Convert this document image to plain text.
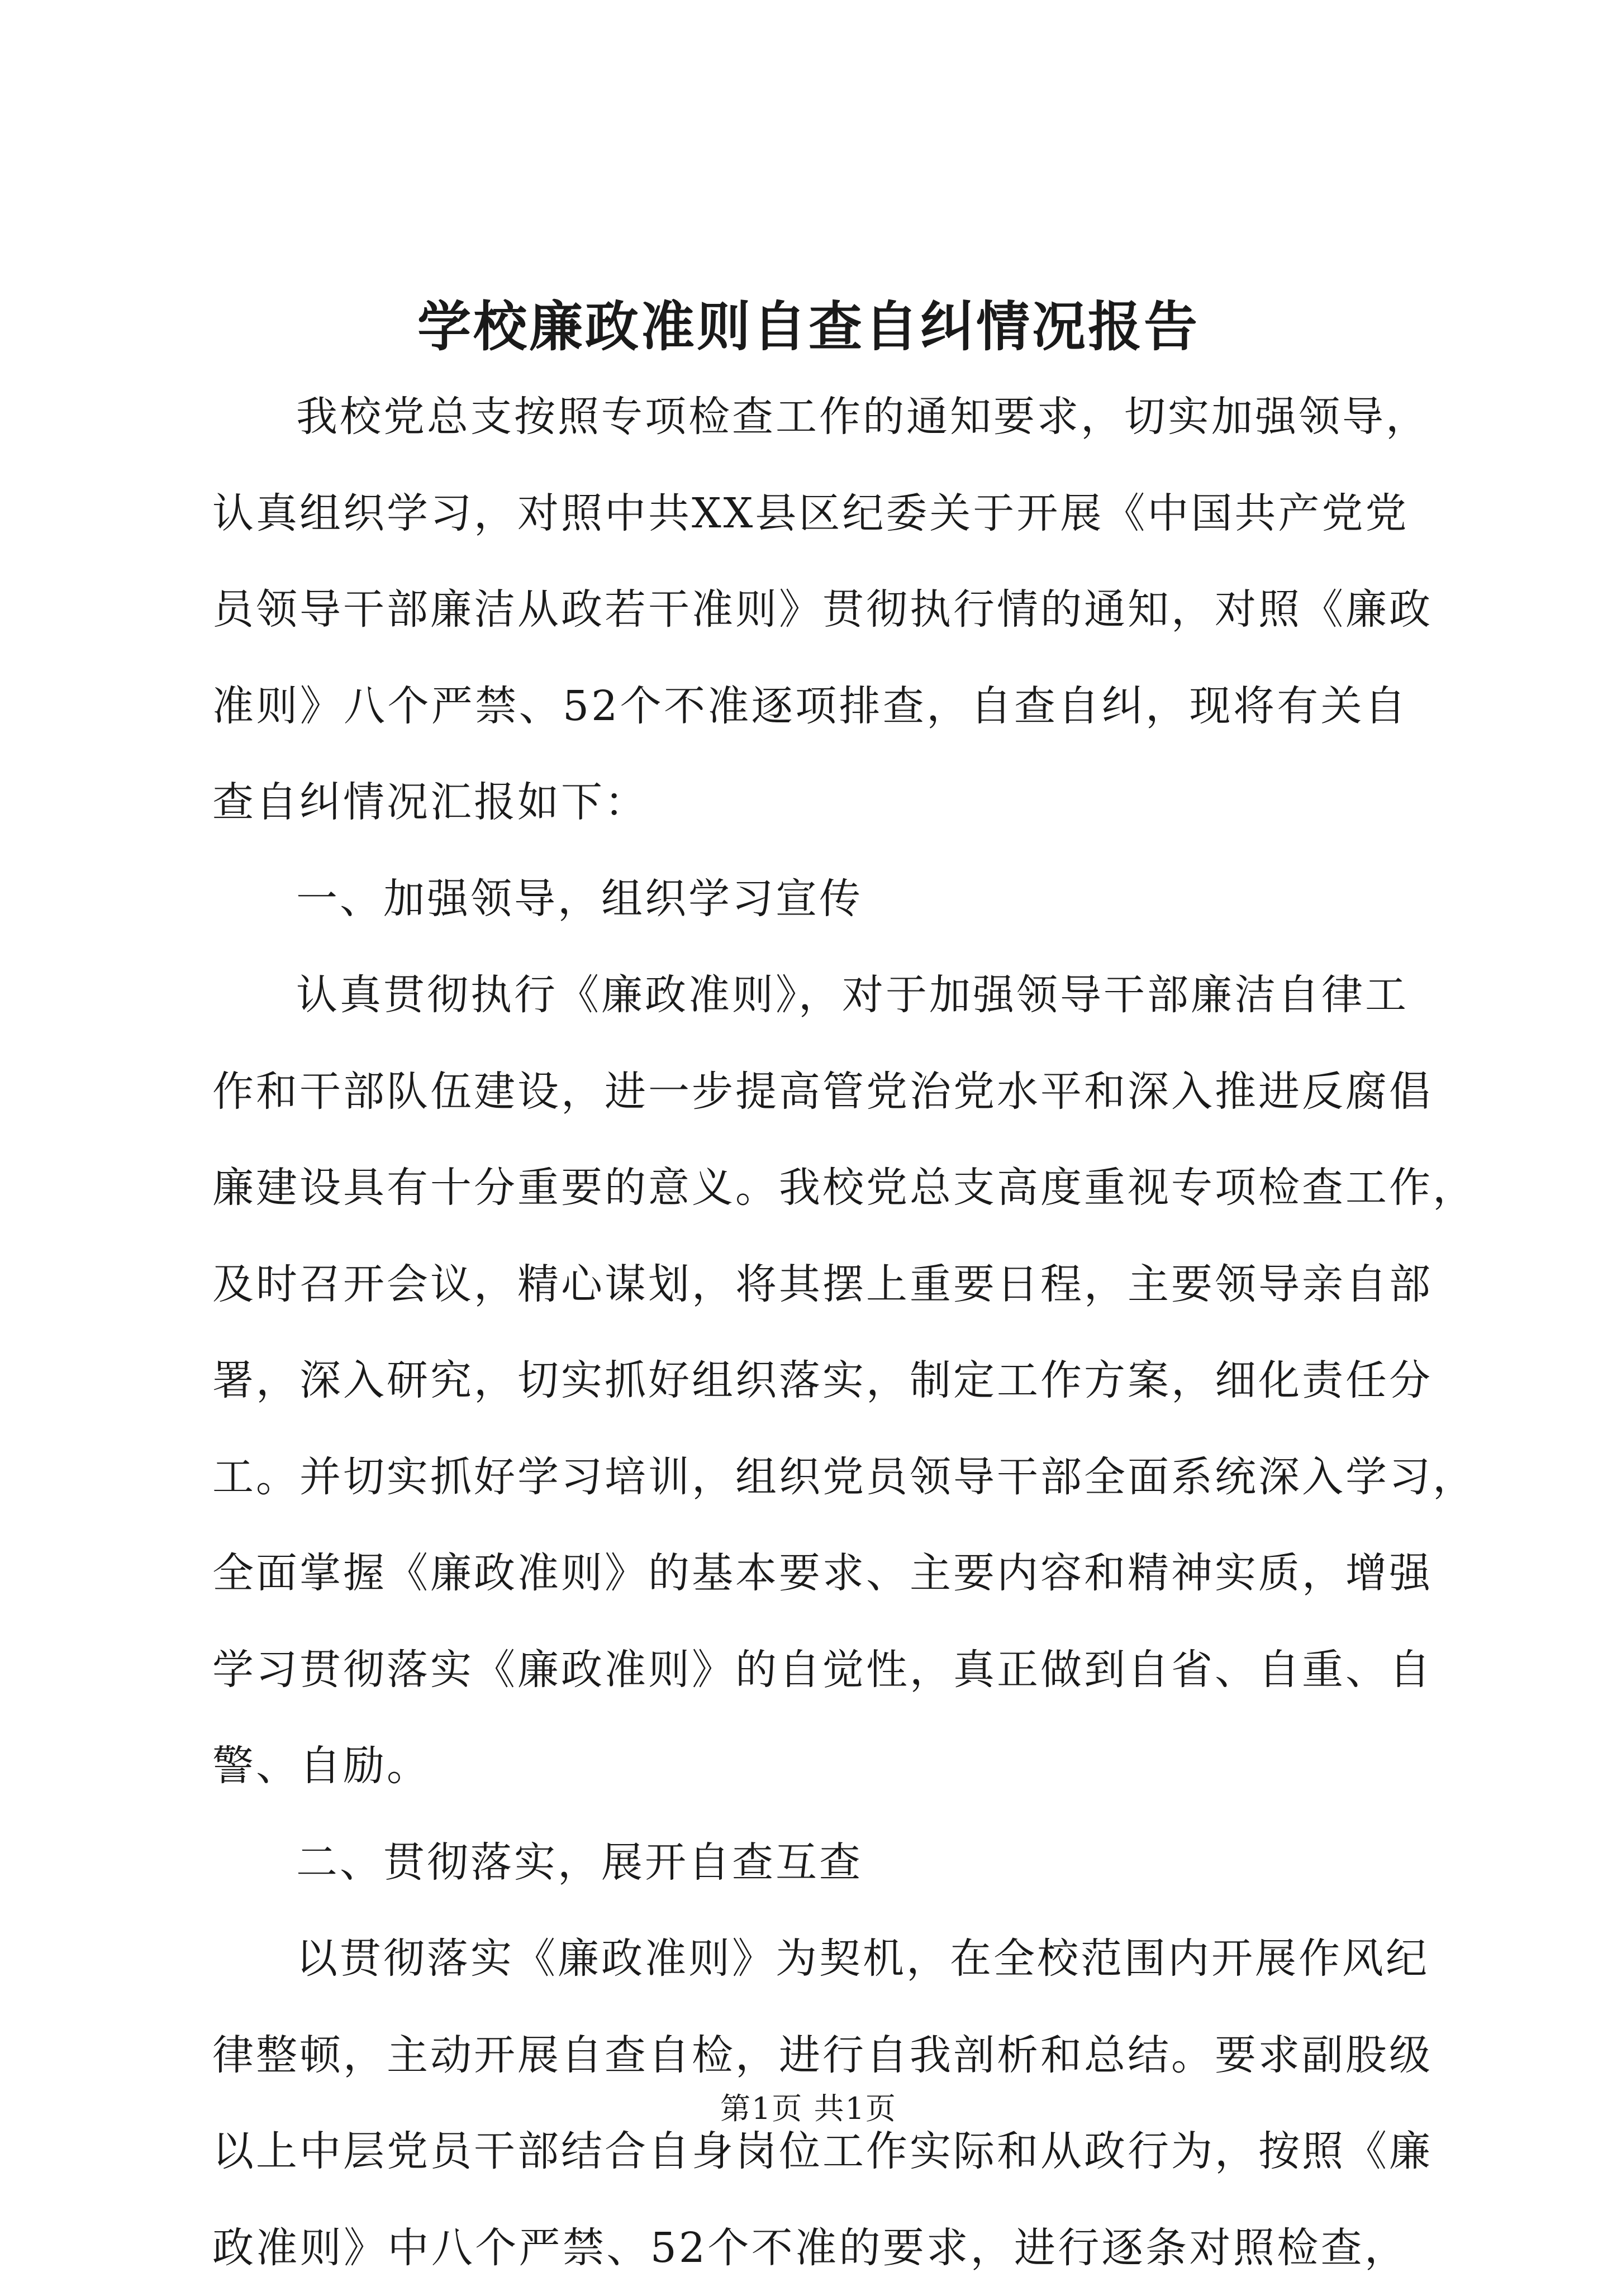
学校廉政准则自查自纠情况报告
我校党总支按照专项检查工作的通知要求，切实加强领导，
认真组织学习，对照中共XX县区纪委关于开展《中国共产党党
员领导干部廉洁从政若干准则》贯彻执行情的通知，对照《廉政
准则》八个严禁、52个不准逐项排查，自查自纠，现将有关自
查自纠情况汇报如下：
一、加强领导，组织学习宣传
认真贯彻执行《廉政准则》，对于加强领导干部廉洁自律工
作和干部队伍建设，进一步提高管党治党水平和深入推进反腐倡
廉建设具有十分重要的意义。我校党总支高度重视专项检查工作，
及时召开会议，精心谋划，将其摆上重要日程，主要领导亲自部
署，深入研究，切实抓好组织落实，制定工作方案，细化责任分
工。并切实抓好学习培训，组织党员领导干部全面系统深入学习，
全面掌握《廉政准则》的基本要求、主要内容和精神实质，增强
学习贯彻落实《廉政准则》的自觉性，真正做到自省、自重、自
警、自励。
二、贯彻落实，展开自查互查
以贯彻落实《廉政准则》为契机，在全校范围内开展作风纪
律整顿，主动开展自查自检，进行自我剖析和总结。要求副股级
以上中层党员干部结合自身岗位工作实际和从政行为，按照《廉
政准则》中八个严禁、52个不准的要求，进行逐条对照检查，
第1页 共1页
